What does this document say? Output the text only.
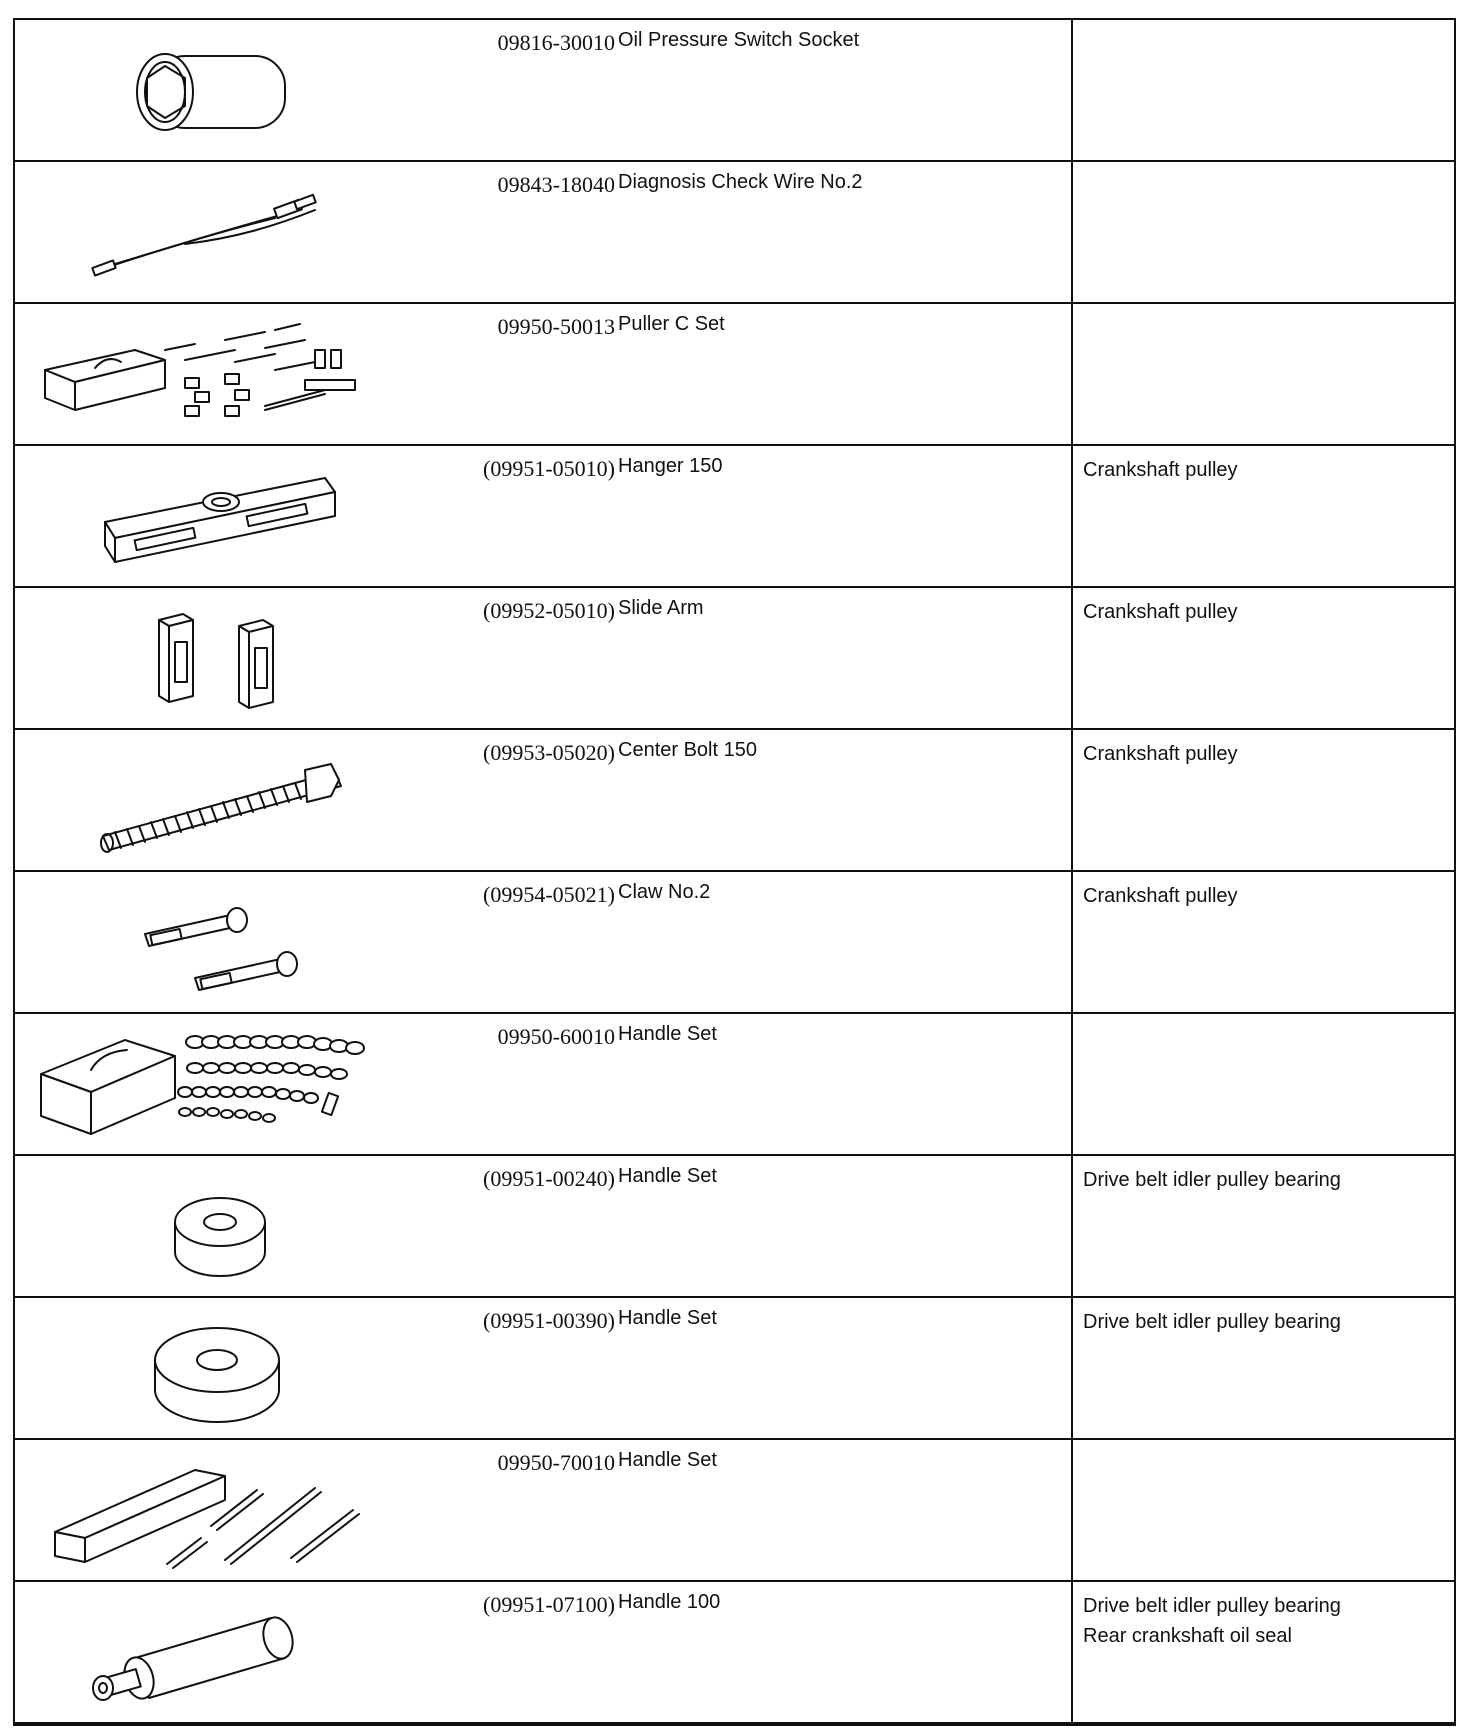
09816-30010 Oil Pressure Switch Socket
09843-18040 Diagnosis Check Wire No.2
09950-50013 Puller C Set
(09951-05010) Hanger 150	Crankshaft pulley
(09952-05010) Slide Arm	Crankshaft pulley
(09953-05020) Center Bolt 150	Crankshaft pulley
(09954-05021) Claw No.2	Crankshaft pulley
09950-60010 Handle Set
(09951-00240) Handle Set	Drive belt idler pulley bearing
(09951-00390) Handle Set	Drive belt idler pulley bearing
09950-70010 Handle Set
(09951-07100) Handle 100	Drive belt idler pulley bearing
Rear crankshaft oil seal
